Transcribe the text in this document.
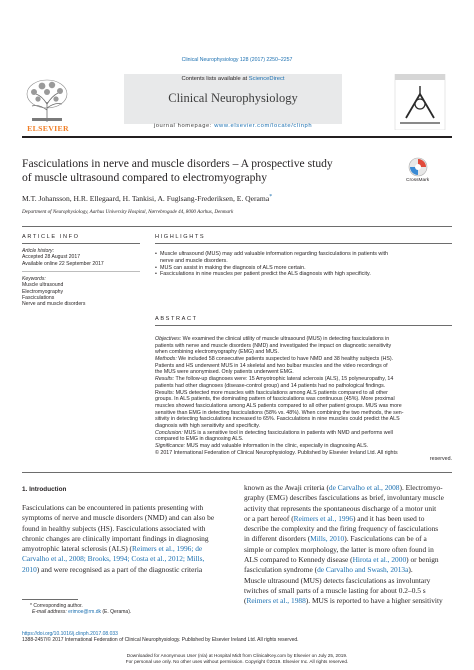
Clinical Neurophysiology 128 (2017) 2250–2257
ELSEVIER
Contents lists available at ScienceDirect
Clinical Neurophysiology
journal homepage: www.elsevier.com/locate/clinph
Fasciculations in nerve and muscle disorders – A prospective study
of muscle ultrasound compared to electromyography	CrossMark
M.T. Johansson, H.R. Ellegaard, H. Tankisi, A. Fuglsang-Frederiksen, E. Qerama*
Department of Neurophysiology, Aarhus University Hospital, Nørrebrogade 44, 8000 Aarhus, Denmark
ARTICLE INFO
Article history:
Accepted 28 August 2017
Available online 22 September 2017
Keywords:
Muscle ultrasound
Electromyography
Fasciculations
Nerve and muscle disorders
HIGHLIGHTS
• Muscle ultrasound (MUS) may add valuable information regarding fasciculations in patients with
nerve and muscle disorders.
• MUS can assist in making the diagnosis of ALS more certain.
• Fasciculations in nine muscles per patient predict the ALS diagnosis with high specificity.
ABSTRACT
Objectives: We examined the clinical utility of muscle ultrasound (MUS) in detecting fasciculations in
patients with nerve and muscle disorders (NMD) and investigated the impact on diagnostic sensitivity
when combining electromyography (EMG) and MUS.
Methods: We included 58 consecutive patients suspected to have NMD and 38 healthy subjects (HS).
Patients and HS underwent MUS in 14 skeletal and two bulbar muscles and the video recordings of
the MUS were anonymised. Only patients underwent EMG.
Results: The follow-up diagnoses were: 15 Amyotrophic lateral sclerosis (ALS), 15 polyneuropathy, 14
patients had other diagnoses (disease-control group) and 14 patients had no pathological findings.
Results: MUS detected more muscles with fasciculations among ALS patients compared to all other
groups. In ALS patients, the dominating pattern of fasciculations was continuous (45%). More proximal
muscles showed fasciculations among ALS patients compared to all other patient groups. MUS was more
sensitive than EMG in detecting fasciculations (58% vs. 48%). When combining the two methods, the sen-
sitivity in detecting fasciculations increased to 65%. Fasciculations in nine muscles could predict the ALS
diagnosis with high sensitivity and specificity.
Conclusion: MUS is a sensitive tool in detecting fasciculations in patients with NMD and performs well
compared to EMG in diagnosing ALS.
Significance: MUS may add valuable information in the clinic, especially in diagnosing ALS.
© 2017 International Federation of Clinical Neurophysiology. Published by Elsevier Ireland Ltd. All rights
reserved.
1. Introduction
Fasciculations can be encountered in patients presenting with
symptoms of nerve and muscle disorders (NMD) and can also be
found in healthy subjects (HS). Fasciculations associated with
chronic changes are clinically important findings in diagnosing
amyotrophic lateral sclerosis (ALS) (Reimers et al., 1996; de
Carvalho et al., 2008; Brooks, 1994; Costa et al., 2012; Mills,
2010) and were recognised as a part of the diagnostic criteria
known as the Awaji criteria (de Carvalho et al., 2008). Electromyo-
graphy (EMG) describes fasciculations as brief, involuntary muscle
activity that represents the spontaneous discharge of a motor unit
or a part hereof (Reimers et al., 1996) and it has been used to
describe the complexity and the firing frequency of fasciculations
in different disorders (Mills, 2010). Fasciculations can be of a
simple or complex morphology, the latter is more often found in
ALS compared to Kennedy disease (Hirota et al., 2000) or benign
fasciculation syndrome (de Carvalho and Swash, 2013a).
Muscle ultrasound (MUS) detects fasciculations as involuntary
twitches of small parts of a muscle lasting for about 0.2–0.5 s
(Reimers et al., 1988). MUS is reported to have a higher sensitivity
* Corresponding author.
E-mail address: erimoe@rm.dk (E. Qerama).
https://doi.org/10.1016/j.clinph.2017.08.033
1388-2457/© 2017 International Federation of Clinical Neurophysiology. Published by Elsevier Ireland Ltd. All rights reserved.
Downloaded for Anonymous User (n/a) at Hospital Midt from ClinicalKey.com by Elsevier on July 25, 2019.
For personal use only. No other uses without permission. Copyright ©2019. Elsevier Inc. All rights reserved.
